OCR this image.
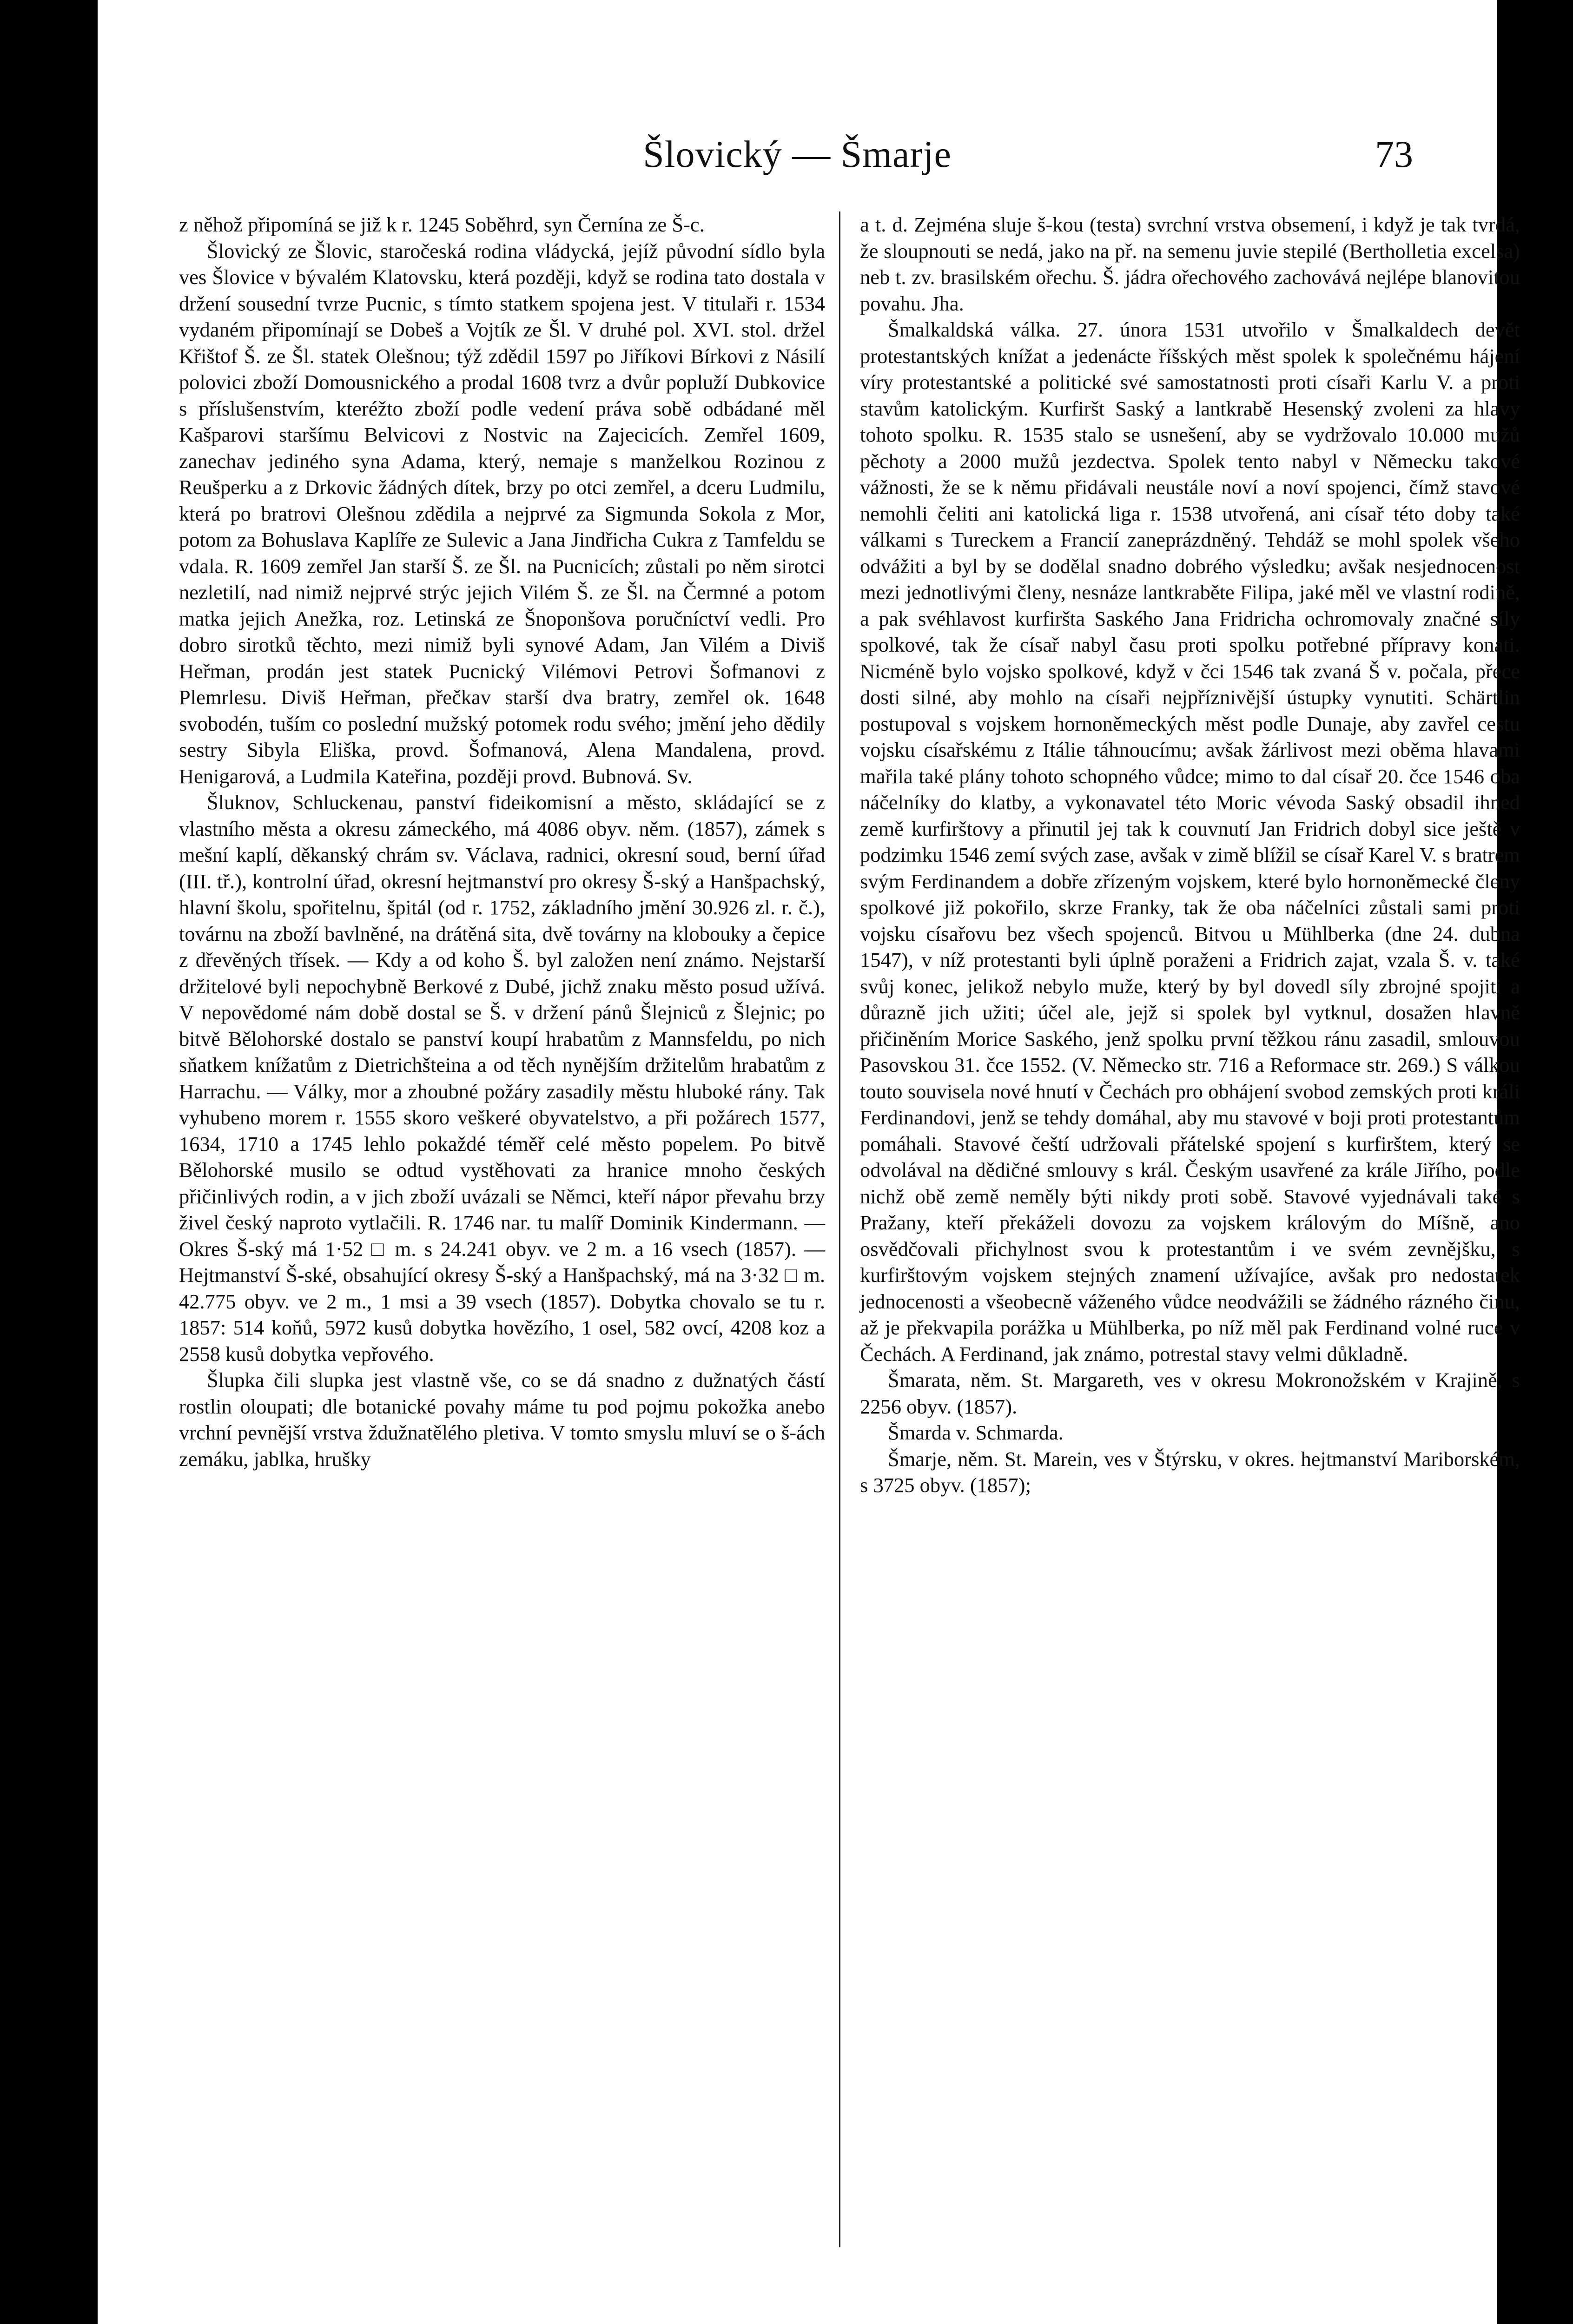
Šlovický — Šmarje	73

z něhož připomíná se již k r. 1245 Soběhrd, syn Černína ze Š-c.

Šlovický ze Šlovic, staročeská rodina vládycká, jejíž původní sídlo byla ves Šlovice v bývalém Klatovsku, která později, když se rodina tato dostala v držení sousední tvrze Pucnic, s tímto statkem spojena jest. V titulaři r. 1534 vydaném připomínají se Dobeš a Vojtík ze Šl. V druhé pol. XVI. stol. držel Křištof Š. ze Šl. statek Olešnou; týž zdědil 1597 po Jiříkovi Bírkovi z Násilí polovici zboží Domousnického a prodal 1608 tvrz a dvůr popluží Dubkovice s příslušenstvím, kteréžto zboží podle vedení práva sobě odbádané měl Kašparovi staršímu Belvicovi z Nostvic na Zajecicích. Zemřel 1609, zanechav jediného syna Adama, který, nemaje s manželkou Rozinou z Reušperku a z Drkovic žádných dítek, brzy po otci zemřel, a dceru Ludmilu, která po bratrovi Olešnou zdědila a nejprvé za Sigmunda Sokola z Mor, potom za Bohuslava Kaplíře ze Sulevic a Jana Jindřicha Cukra z Tamfeldu se vdala. R. 1609 zemřel Jan starší Š. ze Šl. na Pucnicích; zůstali po něm sirotci nezletilí, nad nimiž nejprvé strýc jejich Vilém Š. ze Šl. na Čermné a potom matka jejich Anežka, roz. Letinská ze Šnoponšova poručníctví vedli. Pro dobro sirotků těchto, mezi nimiž byli synové Adam, Jan Vilém a Diviš Heřman, prodán jest statek Pucnický Vilémovi Petrovi Šofmanovi z Plemrlesu. Diviš Heřman, přečkav starší dva bratry, zemřel ok. 1648 svobodén, tuším co poslední mužský potomek rodu svého; jmění jeho dědily sestry Sibyla Eliška, provd. Šofmanová, Alena Mandalena, provd. Henigarová, a Ludmila Kateřina, později provd. Bubnová. Sv.

Šluknov, Schluckenau, panství fideikomisní a město, skládající se z vlastního města a okresu zámeckého, má 4086 obyv. něm. (1857), zámek s mešní kaplí, děkanský chrám sv. Václava, radnici, okresní soud, berní úřad (III. tř.), kontrolní úřad, okresní hejtmanství pro okresy Š-ský a Hanšpachský, hlavní školu, spořitelnu, špitál (od r. 1752, základního jmění 30.926 zl. r. č.), továrnu na zboží bavlněné, na drátěná sita, dvě továrny na klobouky a čepice z dřevěných třísek. — Kdy a od koho Š. byl založen není známo. Nejstarší držitelové byli nepochybně Berkové z Dubé, jichž znaku město posud užívá. V nepovědomé nám době dostal se Š. v držení pánů Šlejniců z Šlejnic; po bitvě Bělohorské dostalo se panství koupí hrabatům z Mannsfeldu, po nich sňatkem knížatům z Dietrichšteina a od těch nynějším držitelům hrabatům z Harrachu. — Války, mor a zhoubné požáry zasadily městu hluboké rány. Tak vyhubeno morem r. 1555 skoro veškeré obyvatelstvo, a při požárech 1577, 1634, 1710 a 1745 lehlo pokaždé téměř celé město popelem. Po bitvě Bělohorské musilo se odtud vystěhovati za hranice mnoho českých přičinlivých rodin, a v jich zboží uvázali se Němci, kteří nápor převahu brzy živel český naproto vytlačili. R. 1746 nar. tu malíř Dominik Kindermann. — Okres Š-ský má 1·52 □ m. s 24.241 obyv. ve 2 m. a 16 vsech (1857). — Hejtmanství Š-ské, obsahující okresy Š-ský a Hanšpachský, má na 3·32 □ m. 42.775 obyv. ve 2 m., 1 msi a 39 vsech (1857). Dobytka chovalo se tu r. 1857: 514 koňů, 5972 kusů dobytka hovězího, 1 osel, 582 ovcí, 4208 koz a 2558 kusů dobytka vepřového.

Šlupka čili slupka jest vlastně vše, co se dá snadno z dužnatých částí rostlin oloupati; dle botanické povahy máme tu pod pojmu pokožka anebo vrchní pevnější vrstva ždužnatělého pletiva. V tomto smyslu mluví se o š-ách zemáku, jablka, hrušky

a t. d. Zejména sluje š-kou (testa) svrchní vrstva obsemení, i když je tak tvrdá, že sloupnouti se nedá, jako na př. na semenu juvie stepilé (Bertholletia excelsa) neb t. zv. brasilském ořechu. Š. jádra ořechového zachovává nejlépe blanovitou povahu. Jha.

Šmalkaldská válka. 27. února 1531 utvořilo v Šmalkaldech devět protestantských knížat a jedenácte říšských měst spolek k společnému hájení víry protestantské a politické své samostatnosti proti císaři Karlu V. a proti stavům katolickým. Kurfiršt Saský a lantkrabě Hesenský zvoleni za hlavy tohoto spolku. R. 1535 stalo se usnešení, aby se vydržovalo 10.000 mužů pěchoty a 2000 mužů jezdectva. Spolek tento nabyl v Německu takové vážnosti, že se k němu přidávali neustále noví a noví spojenci, čímž stavové nemohli čeliti ani katolická liga r. 1538 utvořená, ani císař této doby také válkami s Tureckem a Francií zaneprázdněný. Tehdáž se mohl spolek všeho odvážiti a byl by se dodělal snadno dobrého výsledku; avšak nesjednocenost mezi jednotlivými členy, nesnáze lantkraběte Filipa, jaké měl ve vlastní rodině, a pak svéhlavost kurfiršta Saského Jana Fridricha ochromovaly značné síly spolkové, tak že císař nabyl času proti spolku potřebné přípravy konati. Nicméně bylo vojsko spolkové, když v čci 1546 tak zvaná Š v. počala, přece dosti silné, aby mohlo na císaři nejpříznivější ústupky vynutiti. Schärtlin postupoval s vojskem hornoněmeckých měst podle Dunaje, aby zavřel cestu vojsku císařskému z Itálie táhnoucímu; avšak žárlivost mezi oběma hlavami mařila také plány tohoto schopného vůdce; mimo to dal císař 20. čce 1546 oba náčelníky do klatby, a vykonavatel této Moric vévoda Saský obsadil ihned země kurfirštovy a přinutil jej tak k couvnutí Jan Fridrich dobyl sice ještě v podzimku 1546 zemí svých zase, avšak v zimě blížil se císař Karel V. s bratrem svým Ferdinandem a dobře zřízeným vojskem, které bylo hornoněmecké členy spolkové již pokořilo, skrze Franky, tak že oba náčelníci zůstali sami proti vojsku císařovu bez všech spojenců. Bitvou u Mühlberka (dne 24. dubna 1547), v níž protestanti byli úplně poraženi a Fridrich zajat, vzala Š. v. také svůj konec, jelikož nebylo muže, který by byl dovedl síly zbrojné spojiti a důrazně jich užiti; účel ale, jejž si spolek byl vytknul, dosažen hlavně přičiněním Morice Saského, jenž spolku první těžkou ránu zasadil, smlouvou Pasovskou 31. čce 1552. (V. Německo str. 716 a Reformace str. 269.) S válkou touto souvisela nové hnutí v Čechách pro obhájení svobod zemských proti králi Ferdinandovi, jenž se tehdy domáhal, aby mu stavové v boji proti protestantům pomáhali. Stavové čeští udržovali přátelské spojení s kurfirštem, který se odvolával na dědičné smlouvy s král. Českým usavřené za krále Jiřího, podle nichž obě země neměly býti nikdy proti sobě. Stavové vyjednávali také s Pražany, kteří překáželi dovozu za vojskem královým do Míšně, ano osvědčovali přichylnost svou k protestantům i ve svém zevnějšku, s kurfirštovým vojskem stejných znamení užívajíce, avšak pro nedostatek jednocenosti a všeobecně váženého vůdce neodvážili se žádného rázného činu, až je překvapila porážka u Mühlberka, po níž měl pak Ferdinand volné ruce v Čechách. A Ferdinand, jak známo, potrestal stavy velmi důkladně.

Šmarata, něm. St. Margareth, ves v okresu Mokronožském v Krajině, s 2256 obyv. (1857).

Šmarda v. Schmarda.

Šmarje, něm. St. Marein, ves v Štýrsku, v okres. hejtmanství Mariborském, s 3725 obyv. (1857);
